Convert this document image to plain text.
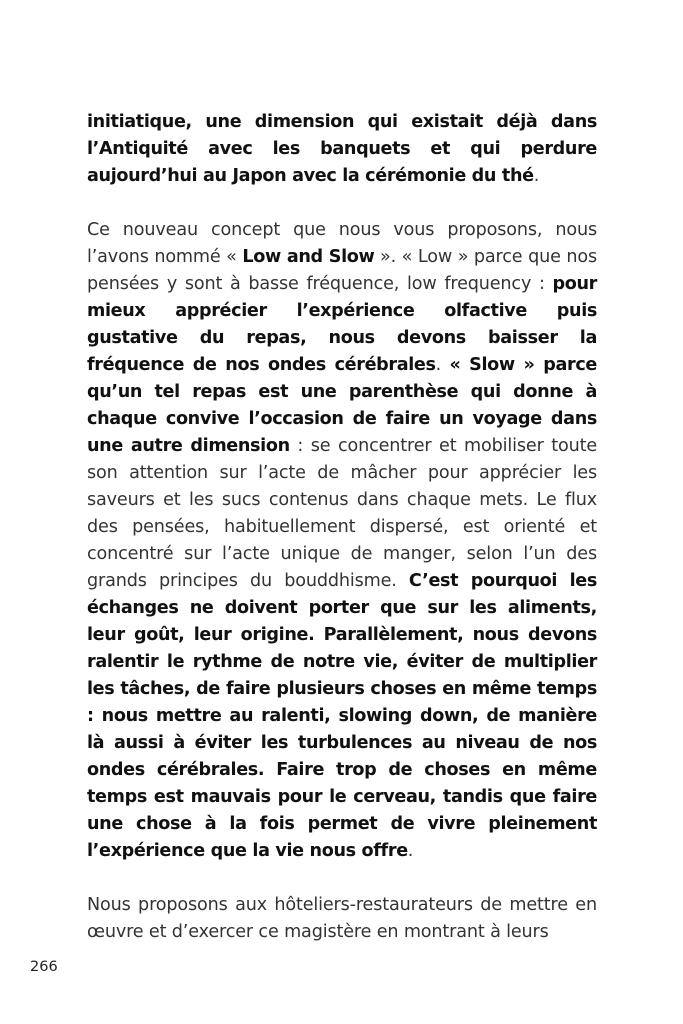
initiatique, une dimension qui existait déjà dans l’Antiquité avec les banquets et qui perdure aujourd’hui au Japon avec la cérémonie du thé.

Ce nouveau concept que nous vous proposons, nous l’avons nommé « Low and Slow ». « Low » parce que nos pensées y sont à basse fréquence, low frequency : pour mieux apprécier l’expérience olfactive puis gustative du repas, nous devons baisser la fréquence de nos ondes cérébrales. « Slow » parce qu’un tel repas est une parenthèse qui donne à chaque convive l’occasion de faire un voyage dans une autre dimension : se concentrer et mobiliser toute son attention sur l’acte de mâcher pour apprécier les saveurs et les sucs contenus dans chaque mets. Le flux des pensées, habituellement dispersé, est orienté et concentré sur l’acte unique de manger, selon l’un des grands principes du bouddhisme. C’est pourquoi les échanges ne doivent porter que sur les aliments, leur goût, leur origine. Parallèlement, nous devons ralentir le rythme de notre vie, éviter de multiplier les tâches, de faire plusieurs choses en même temps : nous mettre au ralenti, slowing down, de manière là aussi à éviter les turbulences au niveau de nos ondes cérébrales. Faire trop de choses en même temps est mauvais pour le cerveau, tandis que faire une chose à la fois permet de vivre pleinement l’expérience que la vie nous offre.

Nous proposons aux hôteliers-restaurateurs de mettre en œuvre et d’exercer ce magistère en montrant à leurs

266
